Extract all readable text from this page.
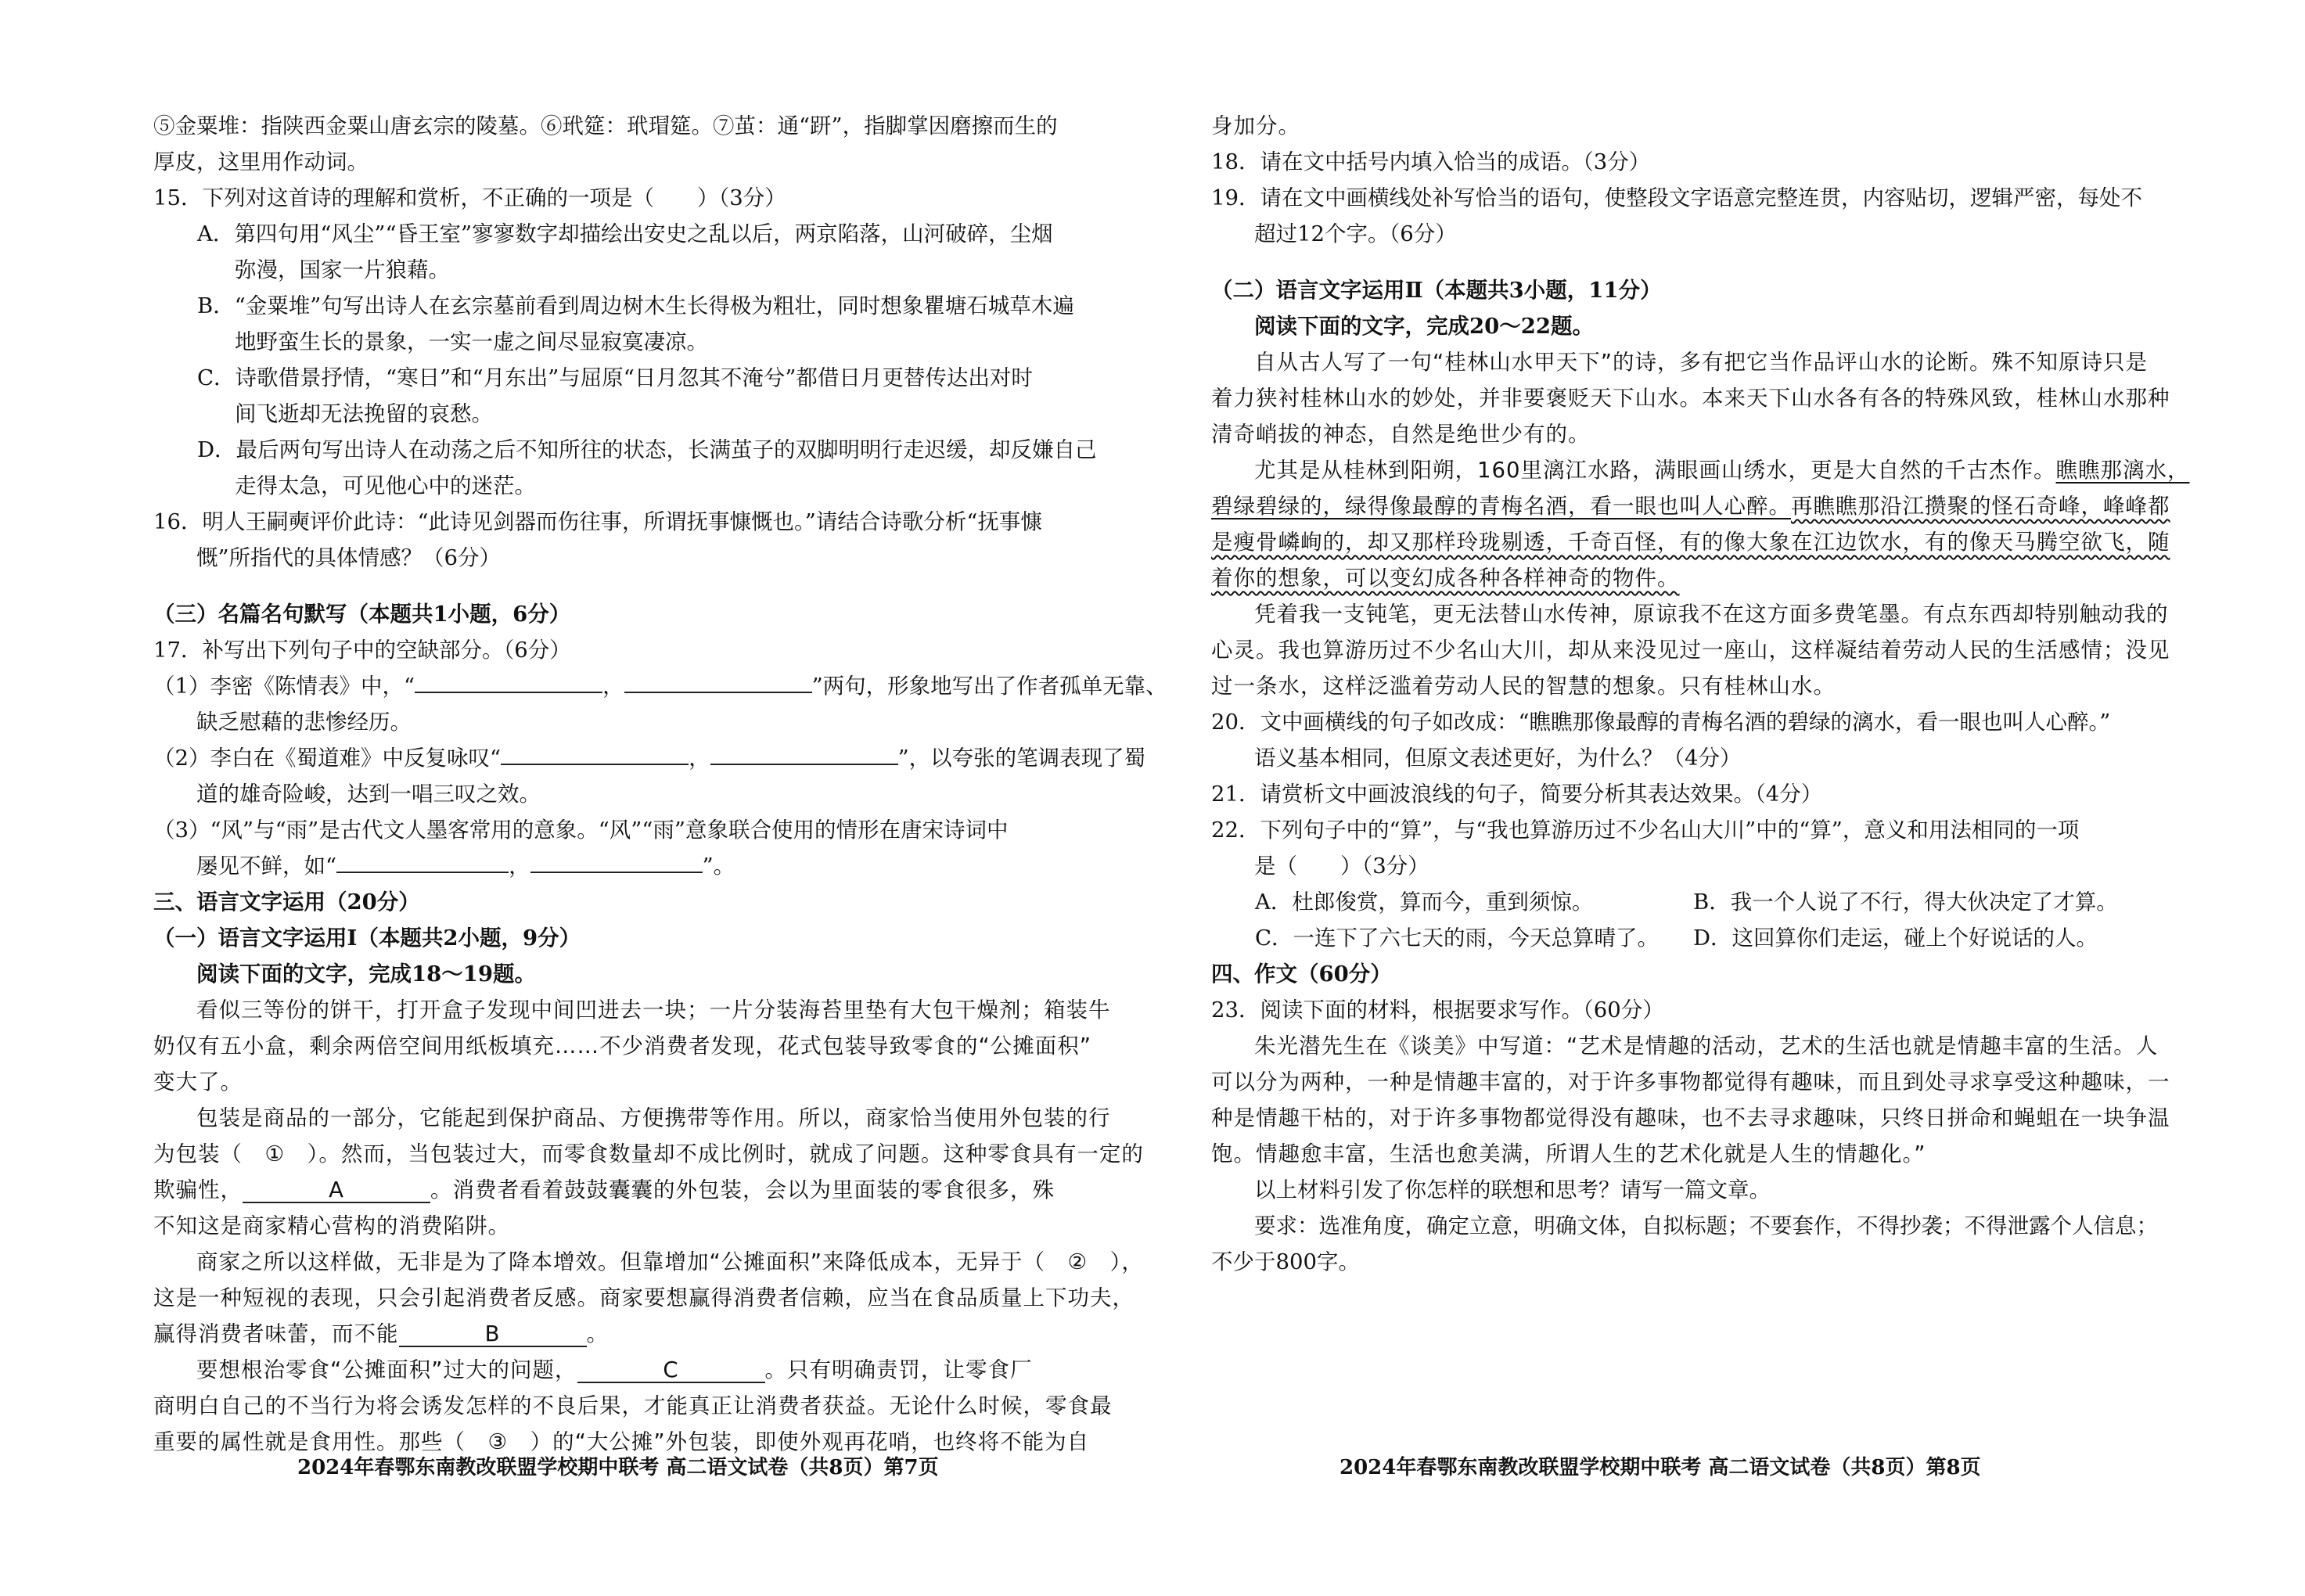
⑤金粟堆：指陕西金粟山唐玄宗的陵墓。⑥玳筵：玳瑁筵。⑦茧：通“趼”，指脚掌因磨擦而生的

厚皮，这里用作动词。

15．下列对这首诗的理解和赏析，不正确的一项是（　　）（3分）

A．第四句用“风尘”“昏王室”寥寥数字却描绘出安史之乱以后，两京陷落，山河破碎，尘烟

弥漫，国家一片狼藉。

B．“金粟堆”句写出诗人在玄宗墓前看到周边树木生长得极为粗壮，同时想象瞿塘石城草木遍

地野蛮生长的景象，一实一虚之间尽显寂寞凄凉。

C．诗歌借景抒情，“寒日”和“月东出”与屈原“日月忽其不淹兮”都借日月更替传达出对时

间飞逝却无法挽留的哀愁。

D．最后两句写出诗人在动荡之后不知所往的状态，长满茧子的双脚明明行走迟缓，却反嫌自己

走得太急，可见他心中的迷茫。

16．明人王嗣奭评价此诗：“此诗见剑器而伤往事，所谓抚事慷慨也。”请结合诗歌分析“抚事慷

慨”所指代的具体情感？（6分）

（三）名篇名句默写（本题共1小题，6分）

17．补写出下列句子中的空缺部分。（6分）

（1）李密《陈情表》中，“	，	”两句，形象地写出了作者孤单无靠、

缺乏慰藉的悲惨经历。

（2）李白在《蜀道难》中反复咏叹“	，	”，以夸张的笔调表现了蜀

道的雄奇险峻，达到一唱三叹之效。

（3）“风”与“雨”是古代文人墨客常用的意象。“风”“雨”意象联合使用的情形在唐宋诗词中

屡见不鲜，如“	，	”。

三、语言文字运用（20分）

（一）语言文字运用Ⅰ（本题共2小题，9分）

阅读下面的文字，完成18～19题。

看似三等份的饼干，打开盒子发现中间凹进去一块；一片分装海苔里垫有大包干燥剂；箱装牛

奶仅有五小盒，剩余两倍空间用纸板填充……不少消费者发现，花式包装导致零食的“公摊面积”

变大了。

包装是商品的一部分，它能起到保护商品、方便携带等作用。所以，商家恰当使用外包装的行

为包装（　①　）。然而，当包装过大，而零食数量却不成比例时，就成了问题。这种零食具有一定的

欺骗性，	A	。消费者看着鼓鼓囊囊的外包装，会以为里面装的零食很多，殊

不知这是商家精心营构的消费陷阱。

商家之所以这样做，无非是为了降本增效。但靠增加“公摊面积”来降低成本，无异于（　②　），

这是一种短视的表现，只会引起消费者反感。商家要想赢得消费者信赖，应当在食品质量上下功夫，

赢得消费者味蕾，而不能	B	。

要想根治零食“公摊面积”过大的问题，	C	。只有明确责罚，让零食厂

商明白自己的不当行为将会诱发怎样的不良后果，才能真正让消费者获益。无论什么时候，零食最

重要的属性就是食用性。那些（　③　）的“大公摊”外包装，即使外观再花哨，也终将不能为自

身加分。

18．请在文中括号内填入恰当的成语。（3分）

19．请在文中画横线处补写恰当的语句，使整段文字语意完整连贯，内容贴切，逻辑严密，每处不

超过12个字。（6分）

（二）语言文字运用Ⅱ（本题共3小题，11分）

阅读下面的文字，完成20～22题。

自从古人写了一句“桂林山水甲天下”的诗，多有把它当作品评山水的论断。殊不知原诗只是

着力狭衬桂林山水的妙处，并非要褒贬天下山水。本来天下山水各有各的特殊风致，桂林山水那种

清奇峭拔的神态，自然是绝世少有的。

尤其是从桂林到阳朔，160里漓江水路，满眼画山绣水，更是大自然的千古杰作。瞧瞧那漓水，

碧绿碧绿的，绿得像最醇的青梅名酒，看一眼也叫人心醉。再瞧瞧那沿江攒聚的怪石奇峰，峰峰都

是瘦骨嶙峋的，却又那样玲珑剔透，千奇百怪，有的像大象在江边饮水，有的像天马腾空欲飞，随

着你的想象，可以变幻成各种各样神奇的物件。

凭着我一支钝笔，更无法替山水传神，原谅我不在这方面多费笔墨。有点东西却特别触动我的

心灵。我也算游历过不少名山大川，却从来没见过一座山，这样凝结着劳动人民的生活感情；没见

过一条水，这样泛滥着劳动人民的智慧的想象。只有桂林山水。

20．文中画横线的句子如改成：“瞧瞧那像最醇的青梅名酒的碧绿的漓水，看一眼也叫人心醉。”

语义基本相同，但原文表述更好，为什么？（4分）

21．请赏析文中画波浪线的句子，简要分析其表达效果。（4分）

22．下列句子中的“算”，与“我也算游历过不少名山大川”中的“算”，意义和用法相同的一项

是（　　）（3分）

A．杜郎俊赏，算而今，重到须惊。	B．我一个人说了不行，得大伙决定了才算。

C．一连下了六七天的雨，今天总算晴了。	D．这回算你们走运，碰上个好说话的人。

四、作文（60分）

23．阅读下面的材料，根据要求写作。（60分）

朱光潜先生在《谈美》中写道：“艺术是情趣的活动，艺术的生活也就是情趣丰富的生活。人

可以分为两种，一种是情趣丰富的，对于许多事物都觉得有趣味，而且到处寻求享受这种趣味，一

种是情趣干枯的，对于许多事物都觉得没有趣味，也不去寻求趣味，只终日拼命和蝇蛆在一块争温

饱。情趣愈丰富，生活也愈美满，所谓人生的艺术化就是人生的情趣化。”

以上材料引发了你怎样的联想和思考？请写一篇文章。

要求：选准角度，确定立意，明确文体，自拟标题；不要套作，不得抄袭；不得泄露个人信息；

不少于800字。

2024年春鄂东南教改联盟学校期中联考 高二语文试卷（共8页）第7页	2024年春鄂东南教改联盟学校期中联考 高二语文试卷（共8页）第8页
